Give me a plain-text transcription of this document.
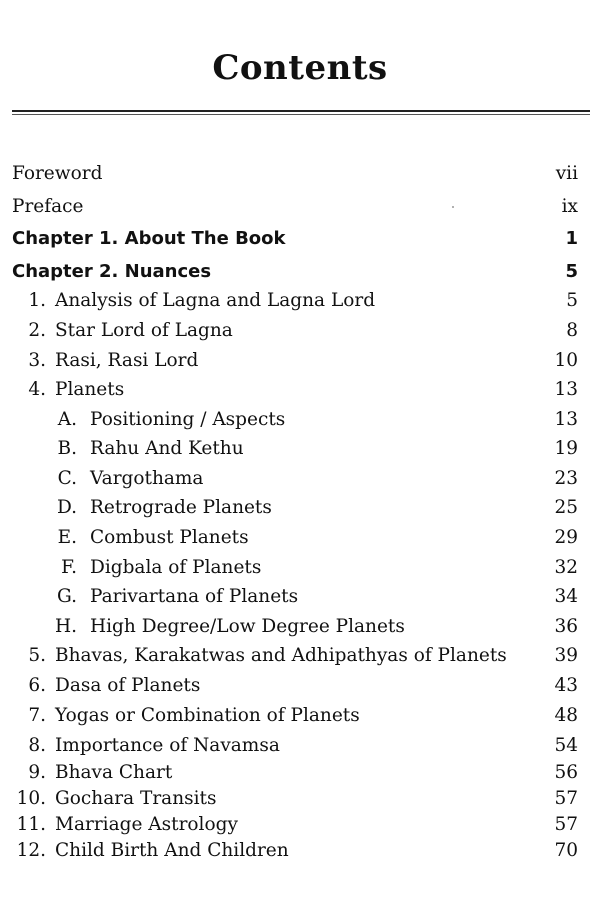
Contents
Foreword	vii
Preface	ix
Chapter 1. About The Book	1
Chapter 2. Nuances	5
1. Analysis of Lagna and Lagna Lord	5
2. Star Lord of Lagna	8
3. Rasi, Rasi Lord	10
4. Planets	13
A. Positioning / Aspects	13
B. Rahu And Kethu	19
C. Vargothama	23
D. Retrograde Planets	25
E. Combust Planets	29
F. Digbala of Planets	32
G. Parivartana of Planets	34
H. High Degree/Low Degree Planets	36
5. Bhavas, Karakatwas and Adhipathyas of Planets	39
6. Dasa of Planets	43
7. Yogas or Combination of Planets	48
8. Importance of Navamsa	54
9. Bhava Chart	56
10. Gochara Transits	57
11. Marriage Astrology	57
12. Child Birth And Children	70
